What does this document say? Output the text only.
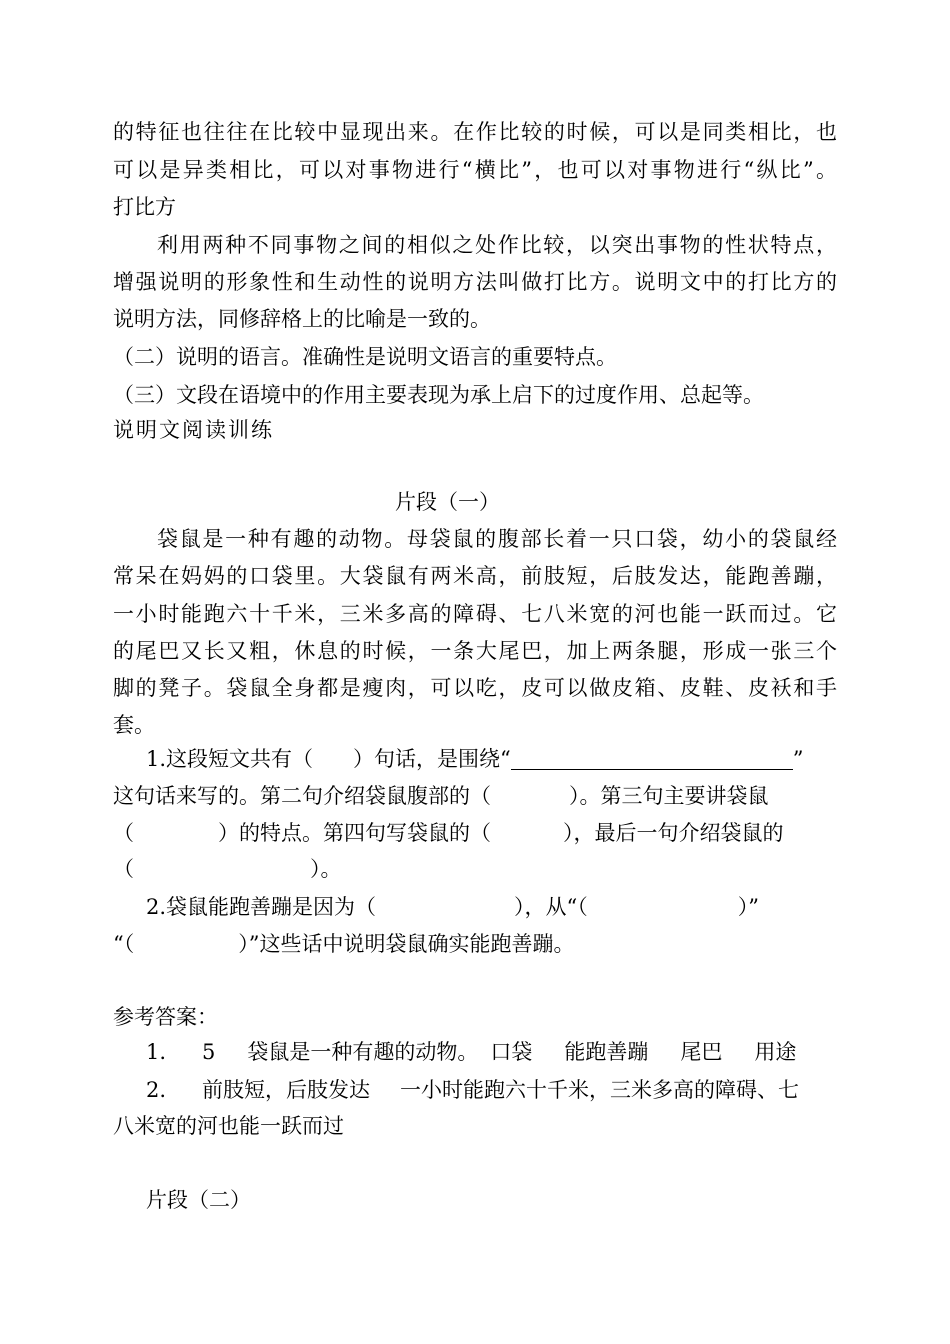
的特征也往往在比较中显现出来。在作比较的时候，可以是同类相比，也
可以是异类相比，可以对事物进行“横比”，也可以对事物进行“纵比”。
打比方
利用两种不同事物之间的相似之处作比较，以突出事物的性状特点，
增强说明的形象性和生动性的说明方法叫做打比方。说明文中的打比方的
说明方法，同修辞格上的比喻是一致的。
（二）说明的语言。准确性是说明文语言的重要特点。
（三）文段在语境中的作用主要表现为承上启下的过度作用、总起等。
说明文阅读训练
片段（一）
袋鼠是一种有趣的动物。母袋鼠的腹部长着一只口袋，幼小的袋鼠经
常呆在妈妈的口袋里。大袋鼠有两米高，前肢短，后肢发达，能跑善蹦，
一小时能跑六十千米，三米多高的障碍、七八米宽的河也能一跃而过。它
的尾巴又长又粗，休息的时候，一条大尾巴，加上两条腿，形成一张三个
脚的凳子。袋鼠全身都是瘦肉，可以吃，皮可以做皮箱、皮鞋、皮袄和手
套。
1.这段短文共有（ ）句话，是围绕“	”
这句话来写的。第二句介绍袋鼠腹部的（	）。第三句主要讲袋鼠
（	）的特点。第四句写袋鼠的（	），最后一句介绍袋鼠的
（	）。
2.袋鼠能跑善蹦是因为（	），从“（	）”
“（	）”这些话中说明袋鼠确实能跑善蹦。
参考答案：
1. 5 袋鼠是一种有趣的动物。 口袋 能跑善蹦 尾巴 用途
2. 前肢短，后肢发达 一小时能跑六十千米，三米多高的障碍、七
八米宽的河也能一跃而过
片段（二）
